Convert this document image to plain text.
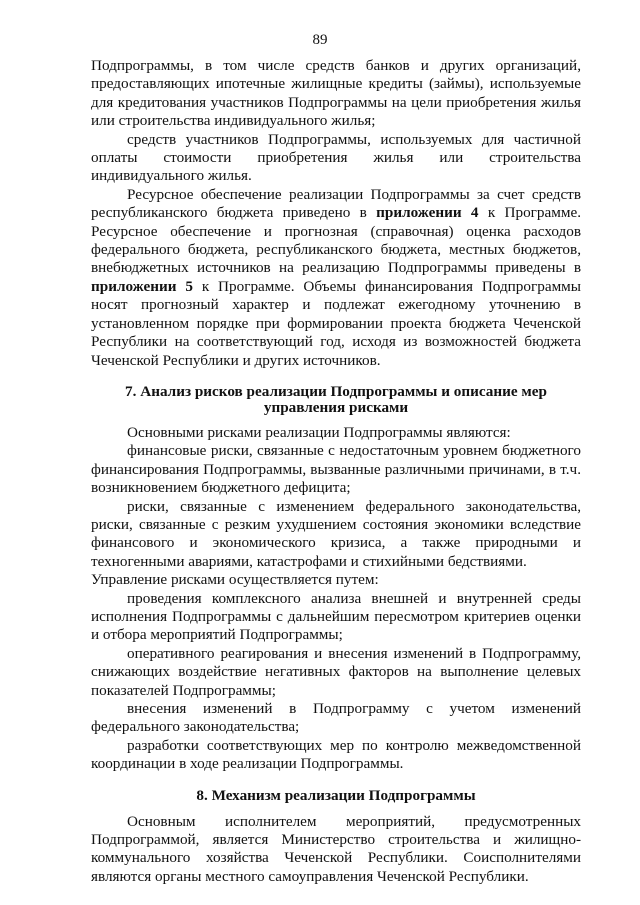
89

Подпрограммы, в том числе средств банков и других организаций, предоставляющих ипотечные жилищные кредиты (займы), используемые для кредитования участников Подпрограммы на цели приобретения жилья или строительства индивидуального жилья;

средств участников Подпрограммы, используемых для частичной оплаты стоимости приобретения жилья или строительства индивидуального жилья.

Ресурсное обеспечение реализации Подпрограммы за счет средств республиканского бюджета приведено в приложении 4 к Программе. Ресурсное обеспечение и прогнозная (справочная) оценка расходов федерального бюджета, республиканского бюджета, местных бюджетов, внебюджетных источников на реализацию Подпрограммы приведены в приложении 5 к Программе. Объемы финансирования Подпрограммы носят прогнозный характер и подлежат ежегодному уточнению в установленном порядке при формировании проекта бюджета Чеченской Республики на соответствующий год, исходя из возможностей бюджета Чеченской Республики и других источников.

7. Анализ рисков реализации Подпрограммы и описание мер
управления рисками

Основными рисками реализации Подпрограммы являются:

финансовые риски, связанные с недостаточным уровнем бюджетного финансирования Подпрограммы, вызванные различными причинами, в т.ч. возникновением бюджетного дефицита;

риски, связанные с изменением федерального законодательства, риски, связанные с резким ухудшением состояния экономики вследствие финансового и экономического кризиса, а также природными и техногенными авариями, катастрофами и стихийными бедствиями.

Управление рисками осуществляется путем:

проведения комплексного анализа внешней и внутренней среды исполнения Подпрограммы с дальнейшим пересмотром критериев оценки и отбора мероприятий Подпрограммы;

оперативного реагирования и внесения изменений в Подпрограмму, снижающих воздействие негативных факторов на выполнение целевых показателей Подпрограммы;

внесения изменений в Подпрограмму с учетом изменений федерального законодательства;

разработки соответствующих мер по контролю межведомственной координации в ходе реализации Подпрограммы.

8. Механизм реализации Подпрограммы

Основным исполнителем мероприятий, предусмотренных Подпрограммой, является Министерство строительства и жилищно-коммунального хозяйства Чеченской Республики. Соисполнителями являются органы местного самоуправления Чеченской Республики.
